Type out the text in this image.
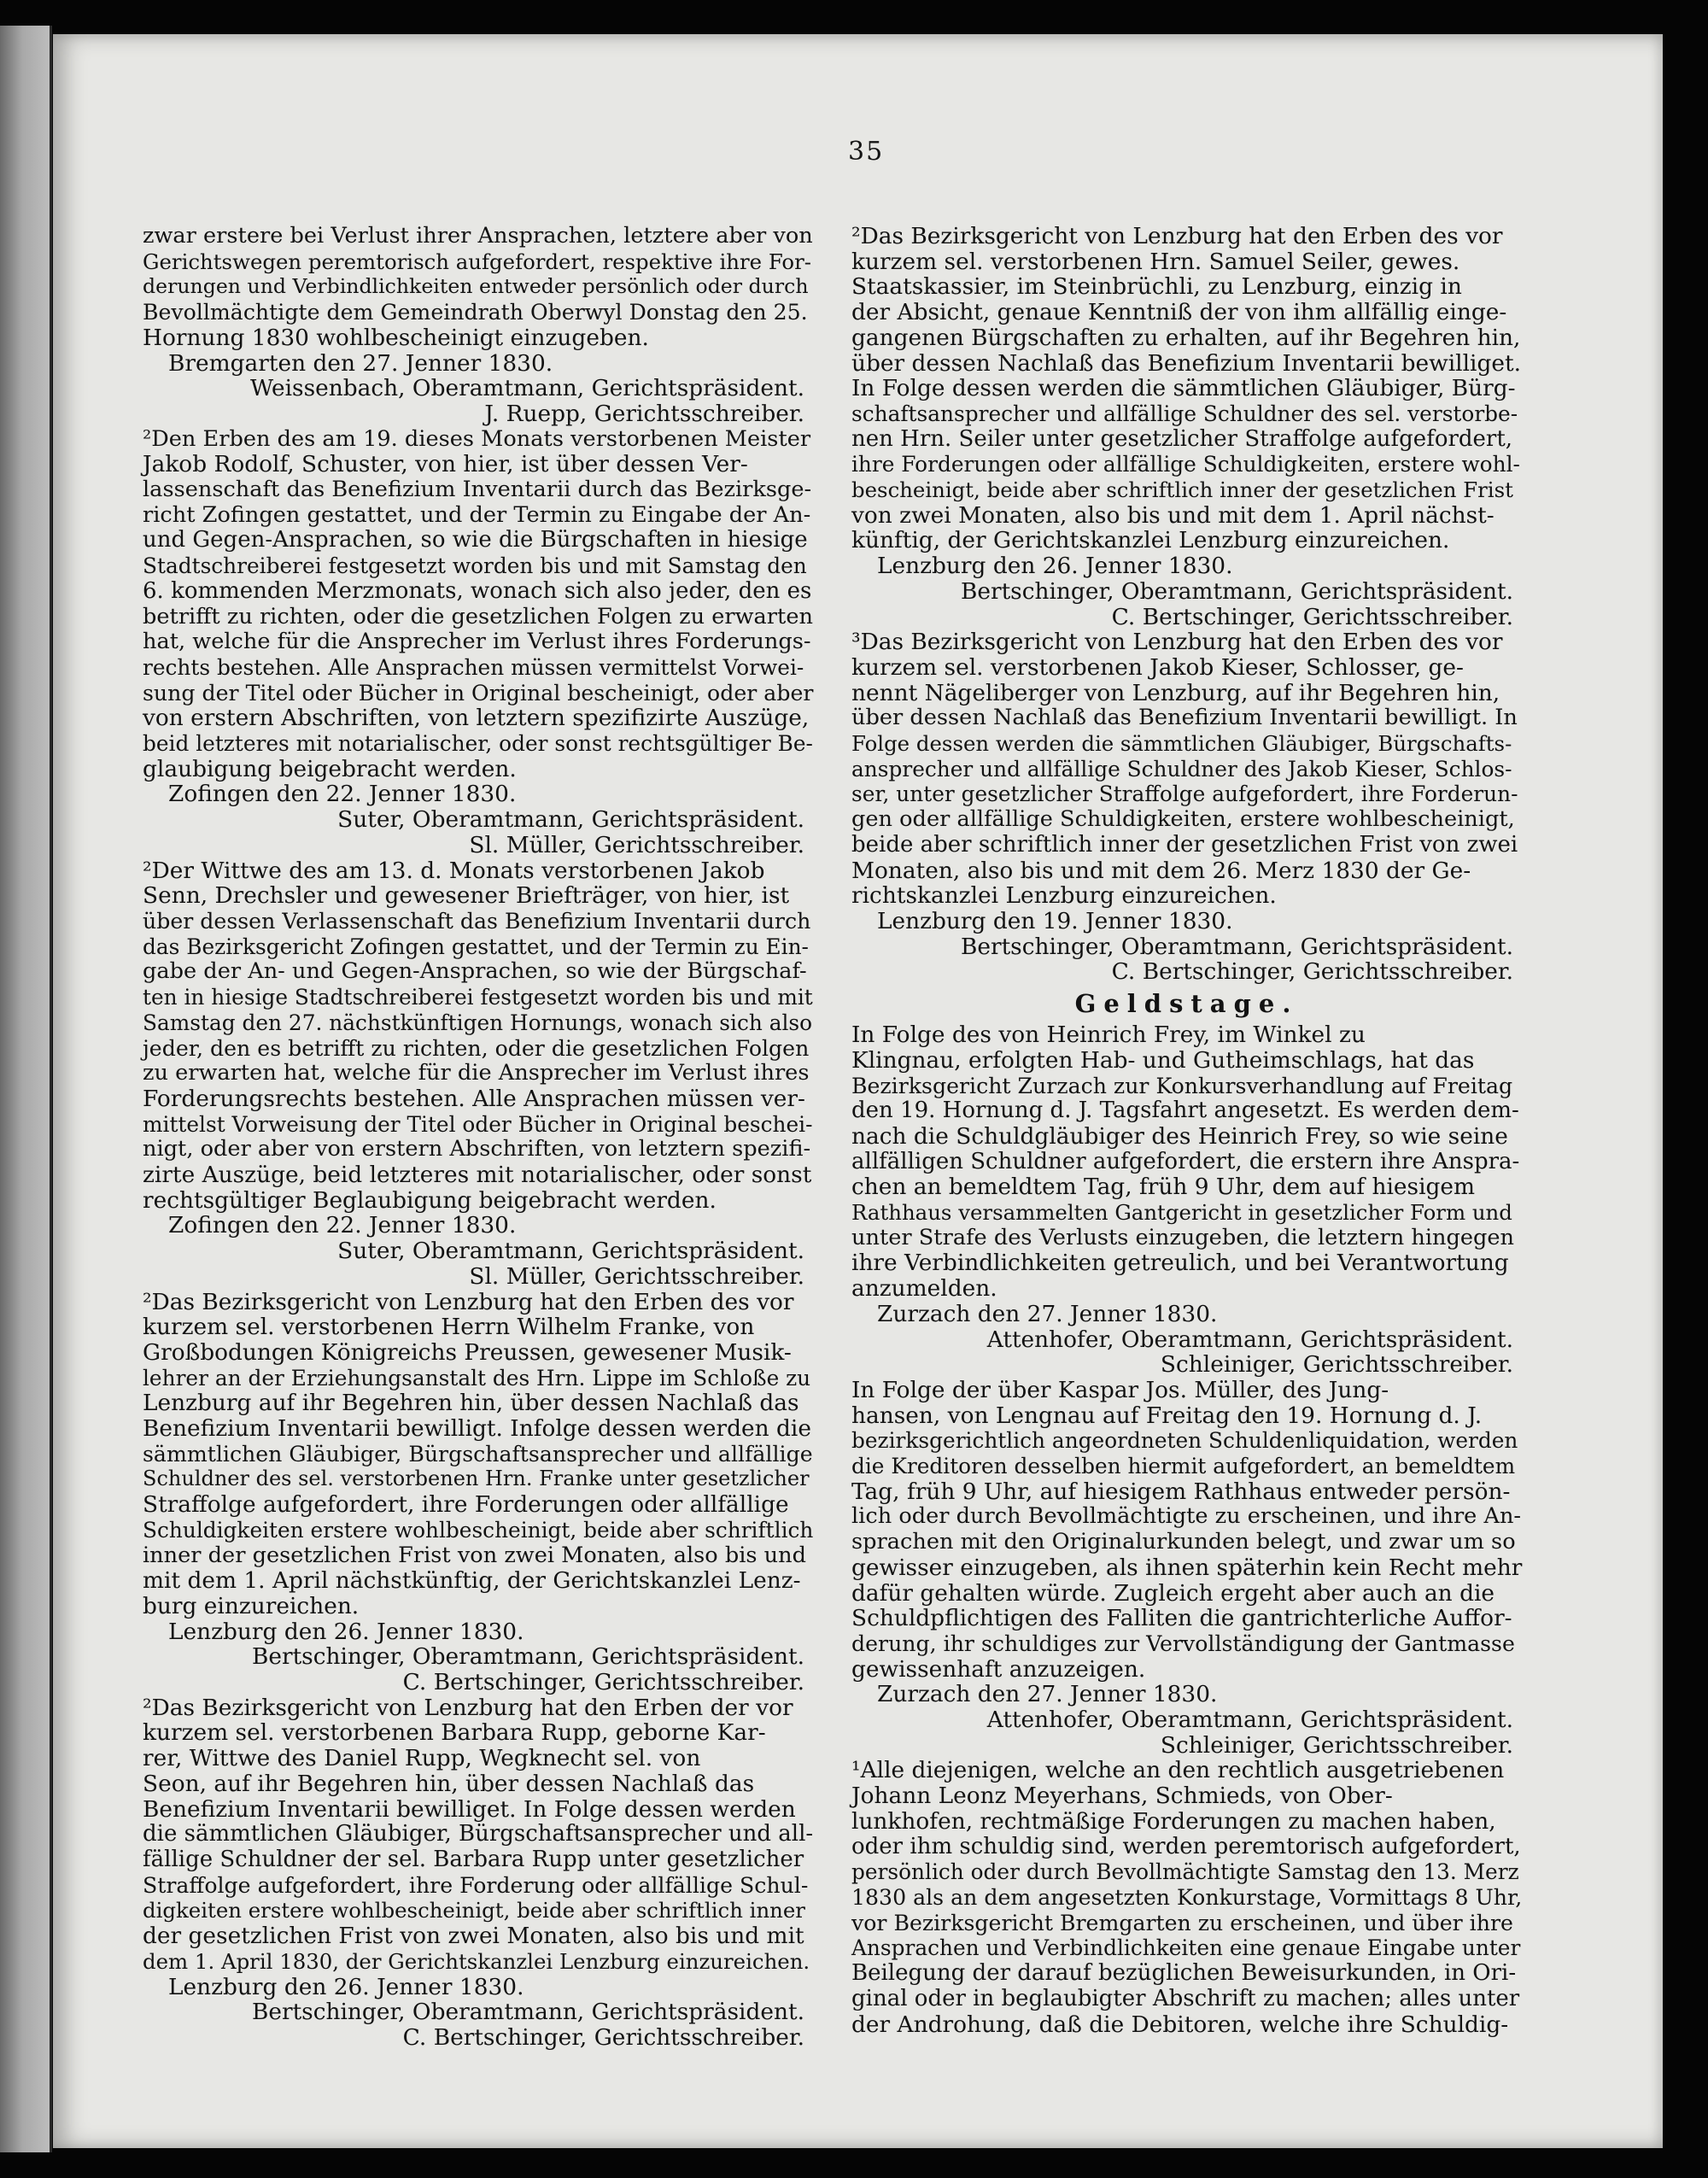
35
zwar erstere bei Verlust ihrer Ansprachen, letztere aber von
Gerichtswegen peremtorisch aufgefordert, respektive ihre For-
derungen und Verbindlichkeiten entweder persönlich oder durch
Bevollmächtigte dem Gemeindrath Oberwyl Donstag den 25.
Hornung 1830 wohlbescheinigt einzugeben.
Bremgarten den 27. Jenner 1830.
Weissenbach, Oberamtmann, Gerichtspräsident.
J. Ruepp, Gerichtsschreiber.
²Den Erben des am 19. dieses Monats verstorbenen Meister
Jakob Rodolf, Schuster, von hier, ist über dessen Ver-
lassenschaft das Benefizium Inventarii durch das Bezirksge-
richt Zofingen gestattet, und der Termin zu Eingabe der An-
und Gegen-Ansprachen, so wie die Bürgschaften in hiesige
Stadtschreiberei festgesetzt worden bis und mit Samstag den
6. kommenden Merzmonats, wonach sich also jeder, den es
betrifft zu richten, oder die gesetzlichen Folgen zu erwarten
hat, welche für die Ansprecher im Verlust ihres Forderungs-
rechts bestehen. Alle Ansprachen müssen vermittelst Vorwei-
sung der Titel oder Bücher in Original bescheinigt, oder aber
von erstern Abschriften, von letztern spezifizirte Auszüge,
beid letzteres mit notarialischer, oder sonst rechtsgültiger Be-
glaubigung beigebracht werden.
Zofingen den 22. Jenner 1830.
Suter, Oberamtmann, Gerichtspräsident.
Sl. Müller, Gerichtsschreiber.
²Der Wittwe des am 13. d. Monats verstorbenen Jakob
Senn, Drechsler und gewesener Briefträger, von hier, ist
über dessen Verlassenschaft das Benefizium Inventarii durch
das Bezirksgericht Zofingen gestattet, und der Termin zu Ein-
gabe der An- und Gegen-Ansprachen, so wie der Bürgschaf-
ten in hiesige Stadtschreiberei festgesetzt worden bis und mit
Samstag den 27. nächstkünftigen Hornungs, wonach sich also
jeder, den es betrifft zu richten, oder die gesetzlichen Folgen
zu erwarten hat, welche für die Ansprecher im Verlust ihres
Forderungsrechts bestehen. Alle Ansprachen müssen ver-
mittelst Vorweisung der Titel oder Bücher in Original beschei-
nigt, oder aber von erstern Abschriften, von letztern spezifi-
zirte Auszüge, beid letzteres mit notarialischer, oder sonst
rechtsgültiger Beglaubigung beigebracht werden.
Zofingen den 22. Jenner 1830.
Suter, Oberamtmann, Gerichtspräsident.
Sl. Müller, Gerichtsschreiber.
²Das Bezirksgericht von Lenzburg hat den Erben des vor
kurzem sel. verstorbenen Herrn Wilhelm Franke, von
Großbodungen Königreichs Preussen, gewesener Musik-
lehrer an der Erziehungsanstalt des Hrn. Lippe im Schloße zu
Lenzburg auf ihr Begehren hin, über dessen Nachlaß das
Benefizium Inventarii bewilligt. Infolge dessen werden die
sämmtlichen Gläubiger, Bürgschaftsansprecher und allfällige
Schuldner des sel. verstorbenen Hrn. Franke unter gesetzlicher
Straffolge aufgefordert, ihre Forderungen oder allfällige
Schuldigkeiten erstere wohlbescheinigt, beide aber schriftlich
inner der gesetzlichen Frist von zwei Monaten, also bis und
mit dem 1. April nächstkünftig, der Gerichtskanzlei Lenz-
burg einzureichen.
Lenzburg den 26. Jenner 1830.
Bertschinger, Oberamtmann, Gerichtspräsident.
C. Bertschinger, Gerichtsschreiber.
²Das Bezirksgericht von Lenzburg hat den Erben der vor
kurzem sel. verstorbenen Barbara Rupp, geborne Kar-
rer, Wittwe des Daniel Rupp, Wegknecht sel. von
Seon, auf ihr Begehren hin, über dessen Nachlaß das
Benefizium Inventarii bewilliget. In Folge dessen werden
die sämmtlichen Gläubiger, Bürgschaftsansprecher und all-
fällige Schuldner der sel. Barbara Rupp unter gesetzlicher
Straffolge aufgefordert, ihre Forderung oder allfällige Schul-
digkeiten erstere wohlbescheinigt, beide aber schriftlich inner
der gesetzlichen Frist von zwei Monaten, also bis und mit
dem 1. April 1830, der Gerichtskanzlei Lenzburg einzureichen.
Lenzburg den 26. Jenner 1830.
Bertschinger, Oberamtmann, Gerichtspräsident.
C. Bertschinger, Gerichtsschreiber.
²Das Bezirksgericht von Lenzburg hat den Erben des vor
kurzem sel. verstorbenen Hrn. Samuel Seiler, gewes.
Staatskassier, im Steinbrüchli, zu Lenzburg, einzig in
der Absicht, genaue Kenntniß der von ihm allfällig einge-
gangenen Bürgschaften zu erhalten, auf ihr Begehren hin,
über dessen Nachlaß das Benefizium Inventarii bewilliget.
In Folge dessen werden die sämmtlichen Gläubiger, Bürg-
schaftsansprecher und allfällige Schuldner des sel. verstorbe-
nen Hrn. Seiler unter gesetzlicher Straffolge aufgefordert,
ihre Forderungen oder allfällige Schuldigkeiten, erstere wohl-
bescheinigt, beide aber schriftlich inner der gesetzlichen Frist
von zwei Monaten, also bis und mit dem 1. April nächst-
künftig, der Gerichtskanzlei Lenzburg einzureichen.
Lenzburg den 26. Jenner 1830.
Bertschinger, Oberamtmann, Gerichtspräsident.
C. Bertschinger, Gerichtsschreiber.
³Das Bezirksgericht von Lenzburg hat den Erben des vor
kurzem sel. verstorbenen Jakob Kieser, Schlosser, ge-
nennt Nägeliberger von Lenzburg, auf ihr Begehren hin,
über dessen Nachlaß das Benefizium Inventarii bewilligt. In
Folge dessen werden die sämmtlichen Gläubiger, Bürgschafts-
ansprecher und allfällige Schuldner des Jakob Kieser, Schlos-
ser, unter gesetzlicher Straffolge aufgefordert, ihre Forderun-
gen oder allfällige Schuldigkeiten, erstere wohlbescheinigt,
beide aber schriftlich inner der gesetzlichen Frist von zwei
Monaten, also bis und mit dem 26. Merz 1830 der Ge-
richtskanzlei Lenzburg einzureichen.
Lenzburg den 19. Jenner 1830.
Bertschinger, Oberamtmann, Gerichtspräsident.
C. Bertschinger, Gerichtsschreiber.
Geldstage.
In Folge des von Heinrich Frey, im Winkel zu
Klingnau, erfolgten Hab- und Gutheimschlags, hat das
Bezirksgericht Zurzach zur Konkursverhandlung auf Freitag
den 19. Hornung d. J. Tagsfahrt angesetzt. Es werden dem-
nach die Schuldgläubiger des Heinrich Frey, so wie seine
allfälligen Schuldner aufgefordert, die erstern ihre Anspra-
chen an bemeldtem Tag, früh 9 Uhr, dem auf hiesigem
Rathhaus versammelten Gantgericht in gesetzlicher Form und
unter Strafe des Verlusts einzugeben, die letztern hingegen
ihre Verbindlichkeiten getreulich, und bei Verantwortung
anzumelden.
Zurzach den 27. Jenner 1830.
Attenhofer, Oberamtmann, Gerichtspräsident.
Schleiniger, Gerichtsschreiber.
In Folge der über Kaspar Jos. Müller, des Jung-
hansen, von Lengnau auf Freitag den 19. Hornung d. J.
bezirksgerichtlich angeordneten Schuldenliquidation, werden
die Kreditoren desselben hiermit aufgefordert, an bemeldtem
Tag, früh 9 Uhr, auf hiesigem Rathhaus entweder persön-
lich oder durch Bevollmächtigte zu erscheinen, und ihre An-
sprachen mit den Originalurkunden belegt, und zwar um so
gewisser einzugeben, als ihnen späterhin kein Recht mehr
dafür gehalten würde. Zugleich ergeht aber auch an die
Schuldpflichtigen des Falliten die gantrichterliche Auffor-
derung, ihr schuldiges zur Vervollständigung der Gantmasse
gewissenhaft anzuzeigen.
Zurzach den 27. Jenner 1830.
Attenhofer, Oberamtmann, Gerichtspräsident.
Schleiniger, Gerichtsschreiber.
¹Alle diejenigen, welche an den rechtlich ausgetriebenen
Johann Leonz Meyerhans, Schmieds, von Ober-
lunkhofen, rechtmäßige Forderungen zu machen haben,
oder ihm schuldig sind, werden peremtorisch aufgefordert,
persönlich oder durch Bevollmächtigte Samstag den 13. Merz
1830 als an dem angesetzten Konkurstage, Vormittags 8 Uhr,
vor Bezirksgericht Bremgarten zu erscheinen, und über ihre
Ansprachen und Verbindlichkeiten eine genaue Eingabe unter
Beilegung der darauf bezüglichen Beweisurkunden, in Ori-
ginal oder in beglaubigter Abschrift zu machen; alles unter
der Androhung, daß die Debitoren, welche ihre Schuldig-
